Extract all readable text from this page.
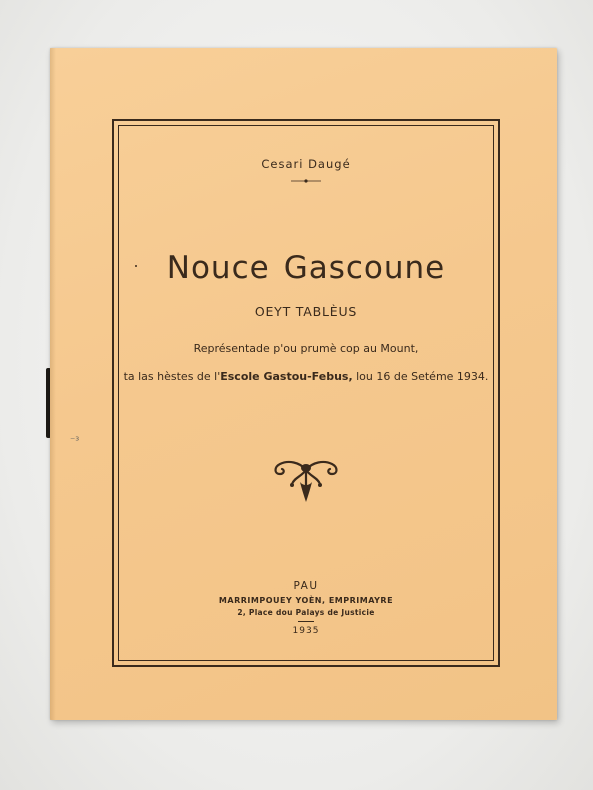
⁻³
Cesari Daugé
Nouce Gascoune
OEYT TABLÈUS
Représentade p'ou prumè cop au Mount,
ta las hèstes de l'Escole Gastou-Febus, lou 16 de Setéme 1934.
PAU
MARRIMPOUEY YOÈN, EMPRIMAYRE
2, Place dou Palays de Justicie
1935
